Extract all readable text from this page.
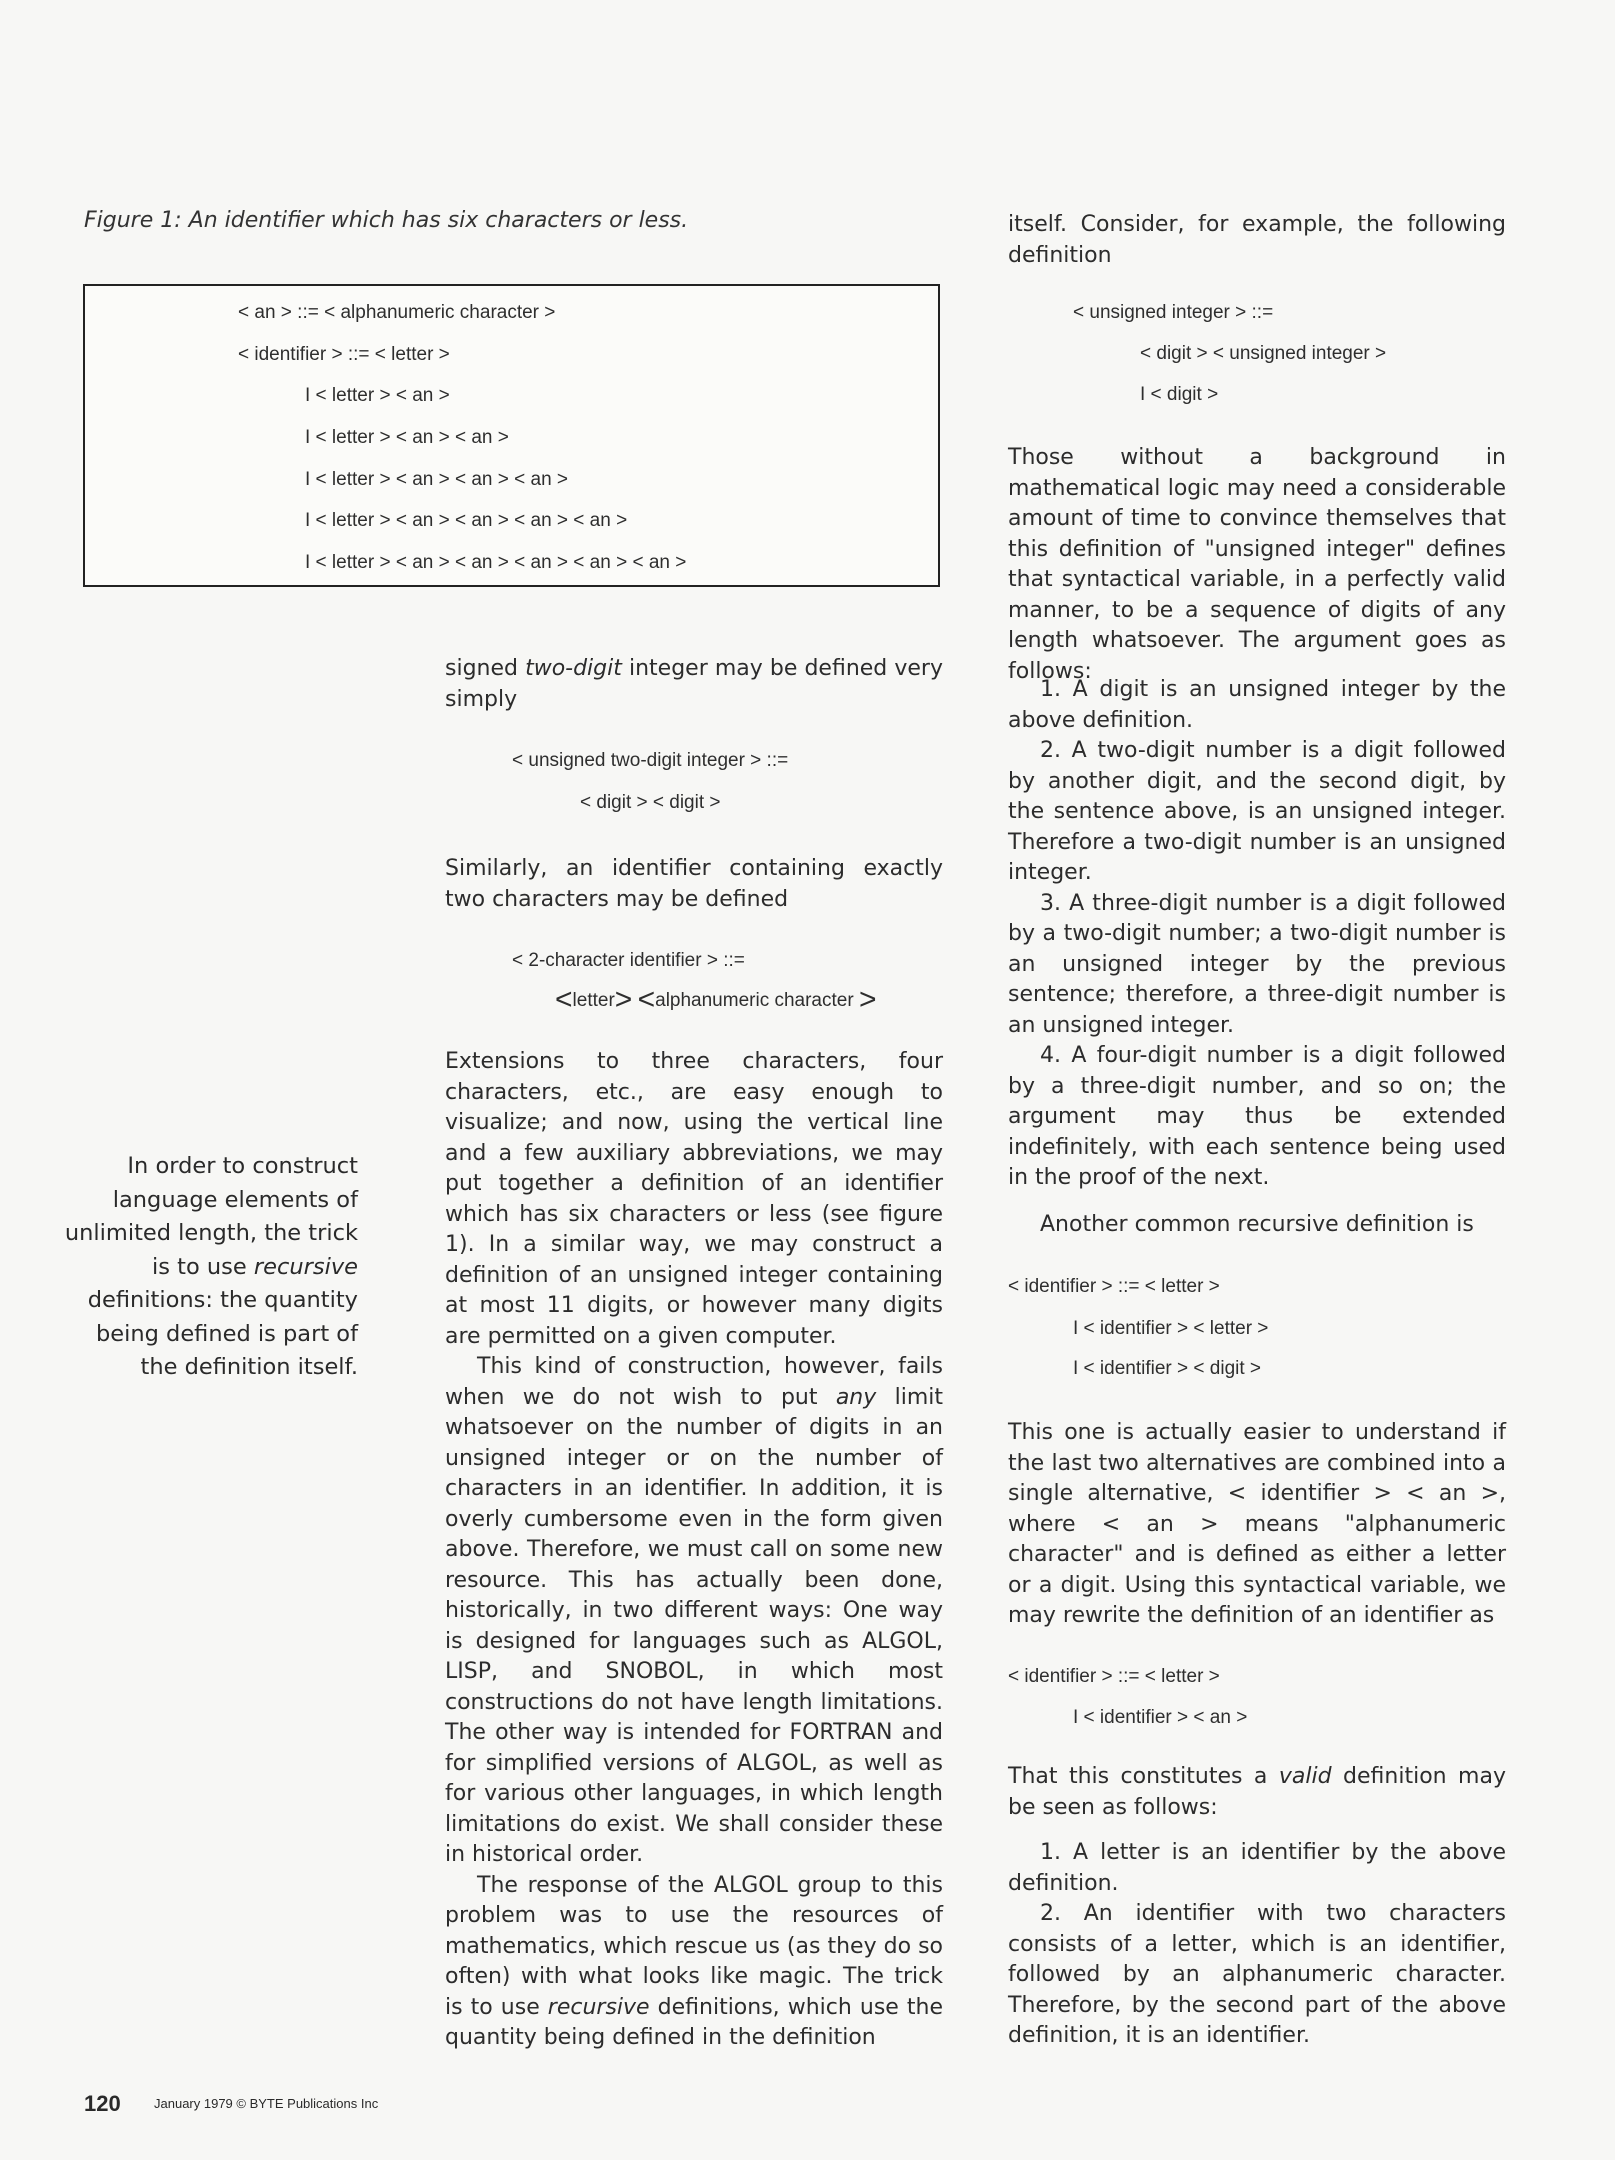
Figure 1: An identifier which has six characters or less.
< an > ::= < alphanumeric character >
< identifier > ::= < letter >
I < letter > < an >
I < letter > < an > < an >
I < letter > < an > < an > < an >
I < letter > < an > < an > < an > < an >
I < letter > < an > < an > < an > < an > < an >
In order to construct language elements of unlimited length, the trick is to use recursive definitions: the quantity being defined is part of the definition itself.
signed two-digit integer may be defined very simply
< unsigned two-digit integer > ::=
< digit > < digit >
Similarly, an identifier containing exactly two characters may be defined
< 2-character identifier > ::=
<letter> <alphanumeric character >

Extensions to three characters, four characters, etc., are easy enough to visualize; and now, using the vertical line and a few auxiliary abbreviations, we may put together a definition of an identifier which has six characters or less (see figure 1). In a similar way, we may construct a definition of an unsigned integer containing at most 11 digits, or however many digits are permitted on a given computer.

This kind of construction, however, fails when we do not wish to put any limit whatsoever on the number of digits in an unsigned integer or on the number of characters in an identifier. In addition, it is overly cumbersome even in the form given above. Therefore, we must call on some new resource. This has actually been done, historically, in two different ways: One way is designed for languages such as ALGOL, LISP, and SNOBOL, in which most constructions do not have length limitations. The other way is intended for FORTRAN and for simplified versions of ALGOL, as well as for various other languages, in which length limitations do exist. We shall consider these in historical order.

The response of the ALGOL group to this problem was to use the resources of mathematics, which rescue us (as they do so often) with what looks like magic. The trick is to use recursive definitions, which use the quantity being defined in the definition

itself. Consider, for example, the following definition
< unsigned integer > ::=
< digit > < unsigned integer >
I < digit >
Those without a background in mathematical logic may need a considerable amount of time to convince themselves that this definition of "unsigned integer" defines that syntactical variable, in a perfectly valid manner, to be a sequence of digits of any length whatsoever. The argument goes as follows:

1. A digit is an unsigned integer by the above definition.

2. A two-digit number is a digit followed by another digit, and the second digit, by the sentence above, is an unsigned integer. Therefore a two-digit number is an unsigned integer.

3. A three-digit number is a digit followed by a two-digit number; a two-digit number is an unsigned integer by the previous sentence; therefore, a three-digit number is an unsigned integer.

4. A four-digit number is a digit followed by a three-digit number, and so on; the argument may thus be extended indefinitely, with each sentence being used in the proof of the next.

Another common recursive definition is
< identifier > ::= < letter >
I < identifier > < letter >
I < identifier > < digit >
This one is actually easier to understand if the last two alternatives are combined into a single alternative, < identifier > < an >, where < an > means "alphanumeric character" and is defined as either a letter or a digit. Using this syntactical variable, we may rewrite the definition of an identifier as
< identifier > ::= < letter >
I < identifier > < an >
That this constitutes a valid definition may be seen as follows:

1. A letter is an identifier by the above definition.

2. An identifier with two characters consists of a letter, which is an identifier, followed by an alphanumeric character. Therefore, by the second part of the above definition, it is an identifier.

120	January 1979 © BYTE Publications Inc
